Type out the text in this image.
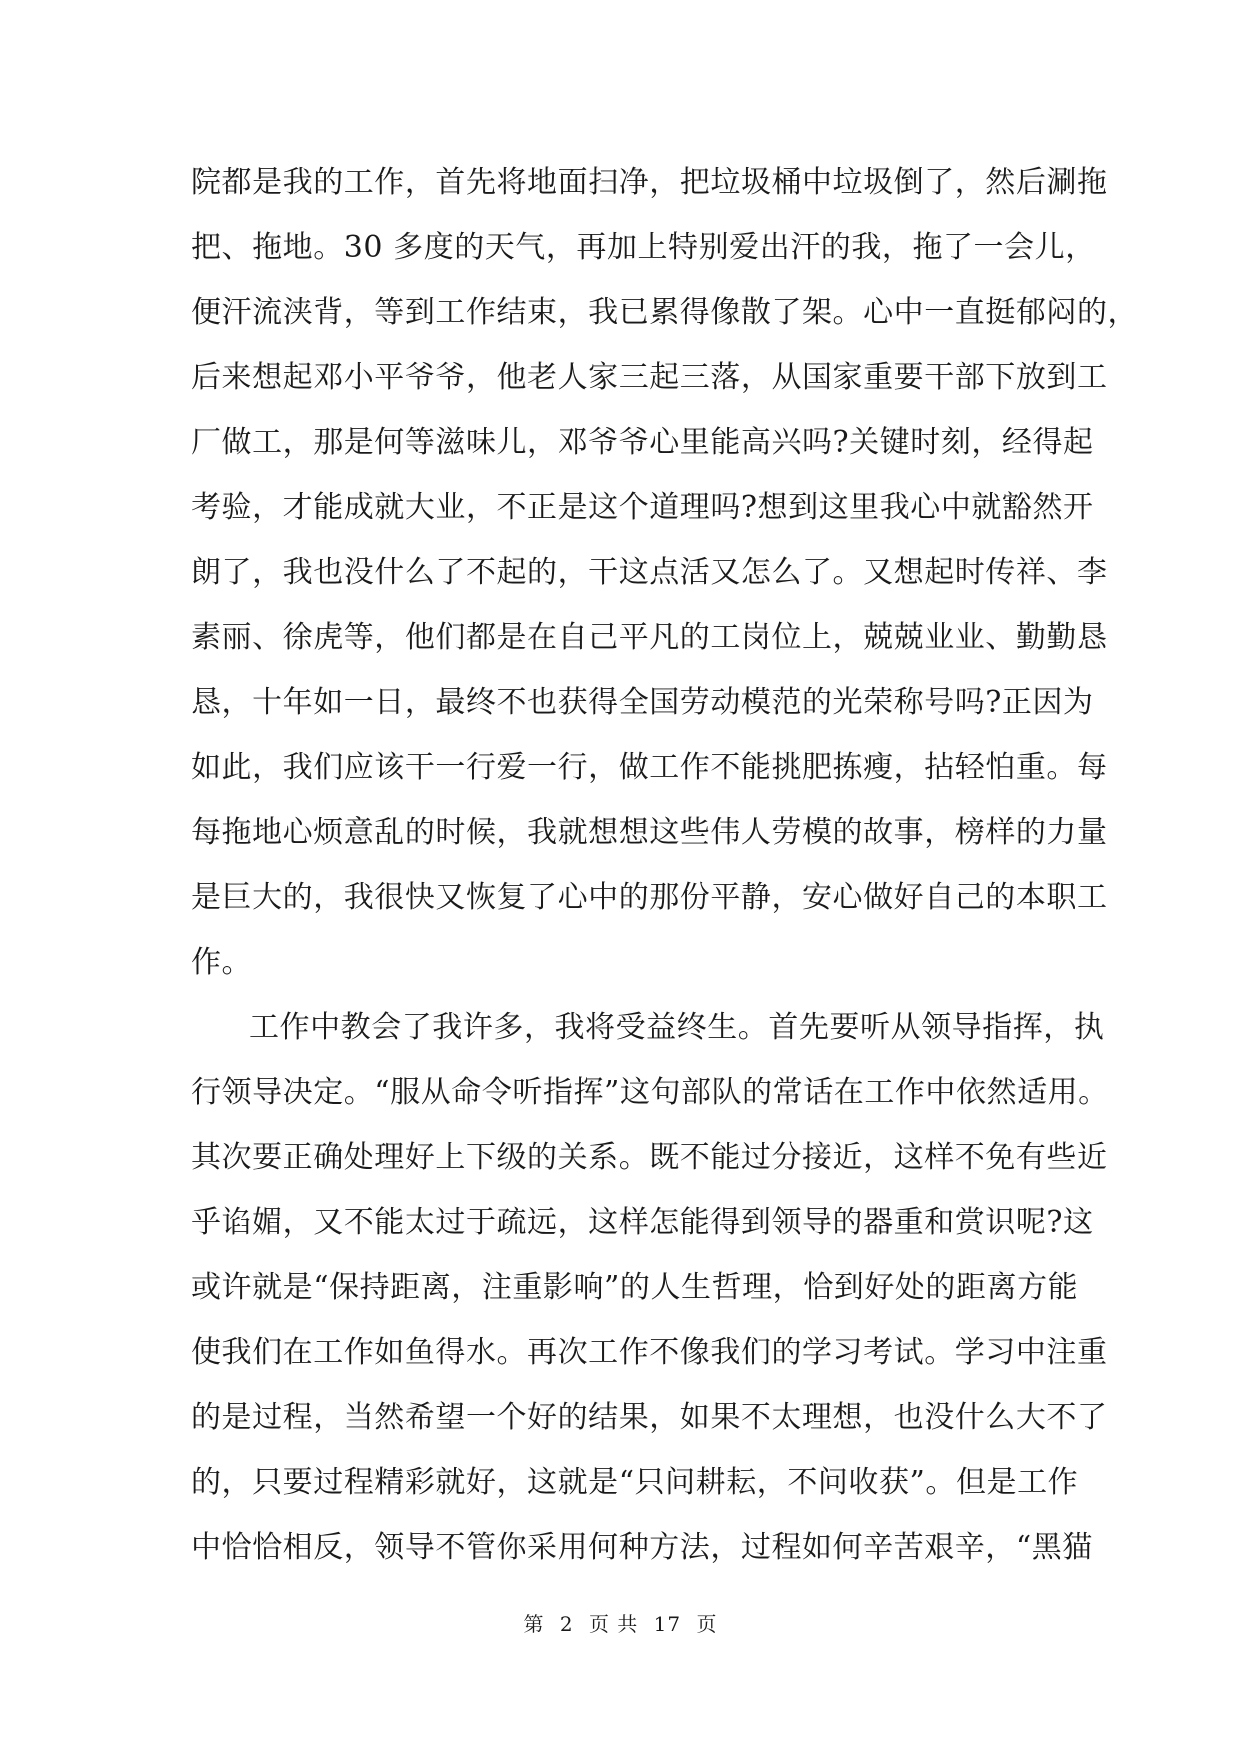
院都是我的工作，首先将地面扫净，把垃圾桶中垃圾倒了，然后涮拖
把、拖地。30 多度的天气，再加上特别爱出汗的我，拖了一会儿，
便汗流浃背，等到工作结束，我已累得像散了架。心中一直挺郁闷的，
后来想起邓小平爷爷，他老人家三起三落，从国家重要干部下放到工
厂做工，那是何等滋味儿，邓爷爷心里能高兴吗?关键时刻，经得起
考验，才能成就大业，不正是这个道理吗?想到这里我心中就豁然开
朗了，我也没什么了不起的，干这点活又怎么了。又想起时传祥、李
素丽、徐虎等，他们都是在自己平凡的工岗位上，兢兢业业、勤勤恳
恳，十年如一日，最终不也获得全国劳动模范的光荣称号吗?正因为
如此，我们应该干一行爱一行，做工作不能挑肥拣瘦，拈轻怕重。每
每拖地心烦意乱的时候，我就想想这些伟人劳模的故事，榜样的力量
是巨大的，我很快又恢复了心中的那份平静，安心做好自己的本职工
作。
工作中教会了我许多，我将受益终生。首先要听从领导指挥，执
行领导决定。“服从命令听指挥”这句部队的常话在工作中依然适用。
其次要正确处理好上下级的关系。既不能过分接近，这样不免有些近
乎谄媚，又不能太过于疏远，这样怎能得到领导的器重和赏识呢?这
或许就是“保持距离，注重影响”的人生哲理，恰到好处的距离方能
使我们在工作如鱼得水。再次工作不像我们的学习考试。学习中注重
的是过程，当然希望一个好的结果，如果不太理想，也没什么大不了
的，只要过程精彩就好，这就是“只问耕耘，不问收获”。但是工作
中恰恰相反，领导不管你采用何种方法，过程如何辛苦艰辛，“黑猫
第 2 页 共 17 页
